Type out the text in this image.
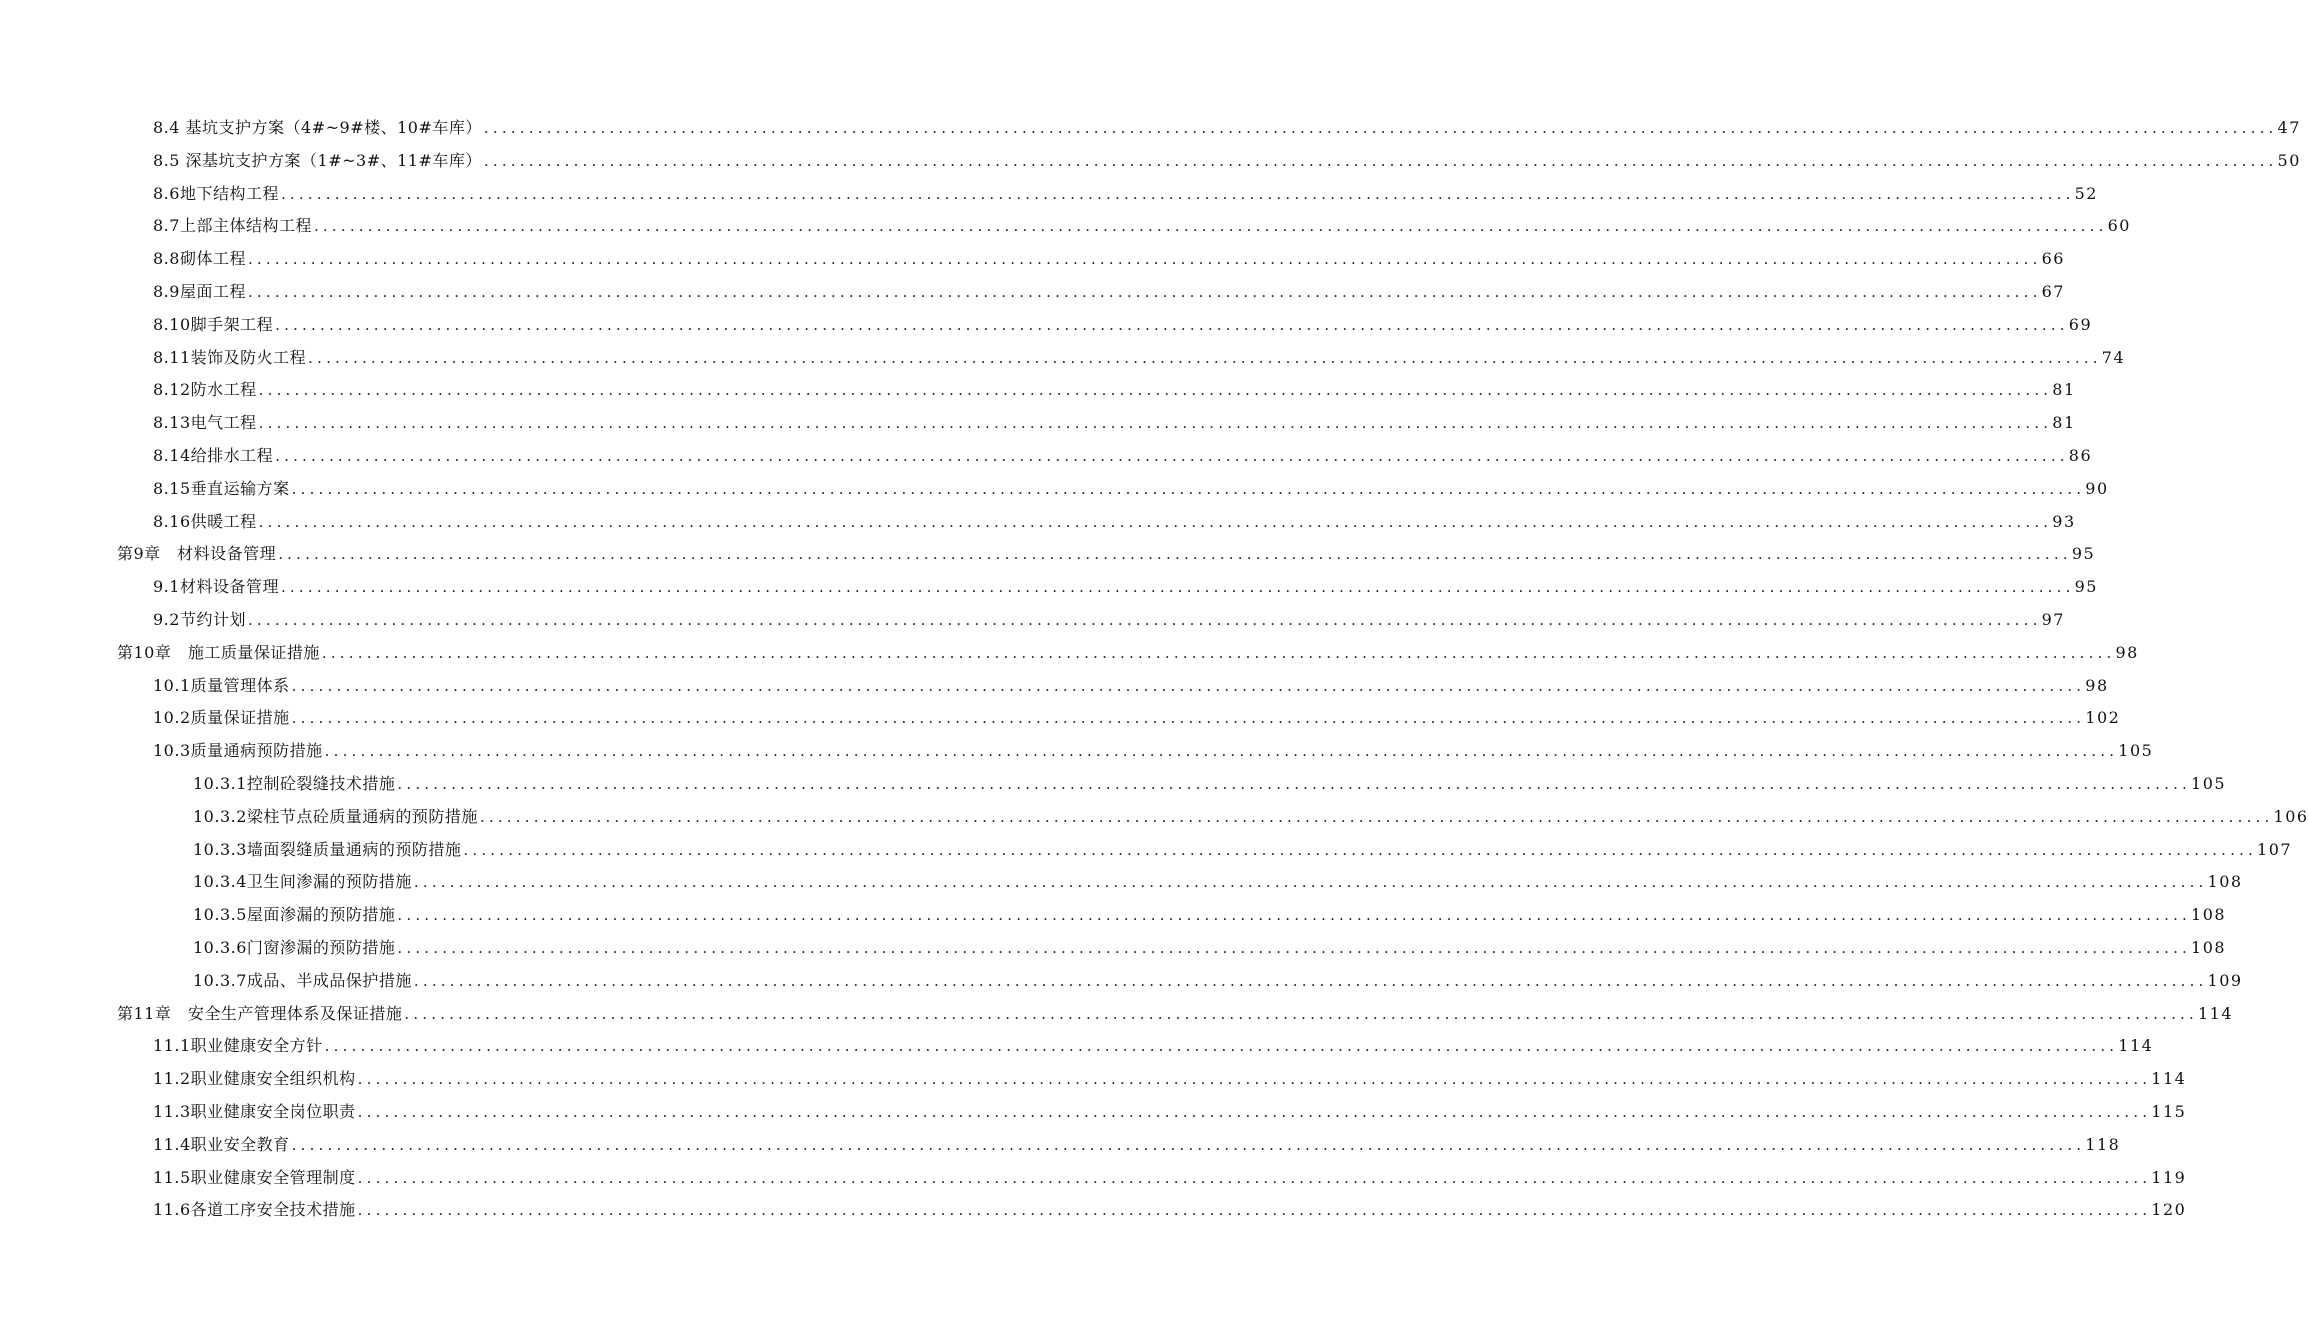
8.4 基坑支护方案（4#~9#楼、10#车库） ........................................................................................................................................................................................................ 47
8.5 深基坑支护方案（1#~3#、11#车库） ........................................................................................................................................................................................................ 50
8.6地下结构工程 ........................................................................................................................................................................................................ 52
8.7上部主体结构工程 ........................................................................................................................................................................................................ 60
8.8砌体工程 ........................................................................................................................................................................................................ 66
8.9屋面工程 ........................................................................................................................................................................................................ 67
8.10脚手架工程 ........................................................................................................................................................................................................ 69
8.11装饰及防火工程 ........................................................................................................................................................................................................ 74
8.12防水工程 ........................................................................................................................................................................................................ 81
8.13电气工程 ........................................................................................................................................................................................................ 81
8.14给排水工程 ........................................................................................................................................................................................................ 86
8.15垂直运输方案 ........................................................................................................................................................................................................ 90
8.16供暖工程 ........................................................................................................................................................................................................ 93
第9章　材料设备管理 ........................................................................................................................................................................................................ 95
9.1材料设备管理 ........................................................................................................................................................................................................ 95
9.2节约计划 ........................................................................................................................................................................................................ 97
第10章　施工质量保证措施 ........................................................................................................................................................................................................ 98
10.1质量管理体系 ........................................................................................................................................................................................................ 98
10.2质量保证措施 ........................................................................................................................................................................................................ 102
10.3质量通病预防措施 ........................................................................................................................................................................................................ 105
10.3.1控制砼裂缝技术措施 ........................................................................................................................................................................................................ 105
10.3.2梁柱节点砼质量通病的预防措施 ........................................................................................................................................................................................................ 106
10.3.3墙面裂缝质量通病的预防措施 ........................................................................................................................................................................................................ 107
10.3.4卫生间渗漏的预防措施 ........................................................................................................................................................................................................ 108
10.3.5屋面渗漏的预防措施 ........................................................................................................................................................................................................ 108
10.3.6门窗渗漏的预防措施 ........................................................................................................................................................................................................ 108
10.3.7成品、半成品保护措施 ........................................................................................................................................................................................................ 109
第11章　安全生产管理体系及保证措施 ........................................................................................................................................................................................................ 114
11.1职业健康安全方针 ........................................................................................................................................................................................................ 114
11.2职业健康安全组织机构 ........................................................................................................................................................................................................ 114
11.3职业健康安全岗位职责 ........................................................................................................................................................................................................ 115
11.4职业安全教育 ........................................................................................................................................................................................................ 118
11.5职业健康安全管理制度 ........................................................................................................................................................................................................ 119
11.6各道工序安全技术措施 ........................................................................................................................................................................................................ 120
